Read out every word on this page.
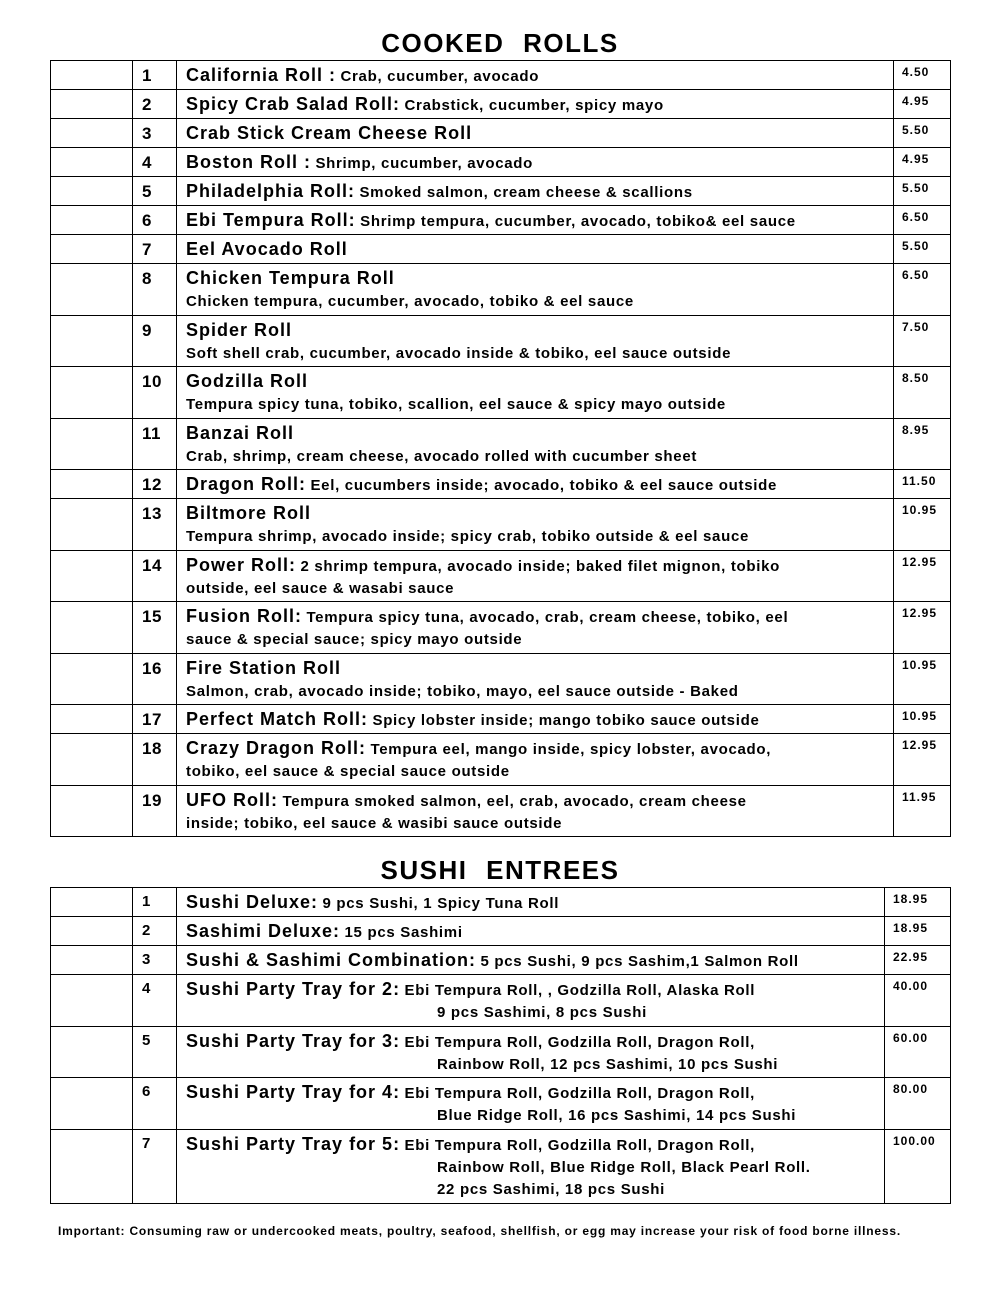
COOKED ROLLS
	1	California Roll : Crab, cucumber, avocado	4.50
	2	Spicy Crab Salad Roll: Crabstick, cucumber, spicy mayo	4.95
	3	Crab Stick Cream Cheese Roll	5.50
	4	Boston Roll : Shrimp, cucumber, avocado	4.95
	5	Philadelphia Roll: Smoked salmon, cream cheese & scallions	5.50
	6	Ebi Tempura Roll: Shrimp tempura, cucumber, avocado, tobiko& eel sauce	6.50
	7	Eel Avocado Roll	5.50
	8	Chicken Tempura Roll
Chicken tempura, cucumber, avocado, tobiko & eel sauce	6.50
	9	Spider Roll
Soft shell crab, cucumber, avocado inside & tobiko, eel sauce outside	7.50
	10	Godzilla Roll
Tempura spicy tuna, tobiko, scallion, eel sauce & spicy mayo outside	8.50
	11	Banzai Roll
Crab, shrimp, cream cheese, avocado rolled with cucumber sheet	8.95
	12	Dragon Roll: Eel, cucumbers inside; avocado, tobiko & eel sauce outside	11.50
	13	Biltmore Roll
Tempura shrimp, avocado inside; spicy crab, tobiko outside & eel sauce	10.95
	14	Power Roll: 2 shrimp tempura, avocado inside; baked filet mignon, tobiko
outside, eel sauce & wasabi sauce	12.95
	15	Fusion Roll: Tempura spicy tuna, avocado, crab, cream cheese, tobiko, eel
sauce & special sauce; spicy mayo outside	12.95
	16	Fire Station Roll
Salmon, crab, avocado inside; tobiko, mayo, eel sauce outside - Baked	10.95
	17	Perfect Match Roll: Spicy lobster inside; mango tobiko sauce outside	10.95
	18	Crazy Dragon Roll: Tempura eel, mango inside, spicy lobster, avocado,
tobiko, eel sauce & special sauce outside	12.95
	19	UFO Roll: Tempura smoked salmon, eel, crab, avocado, cream cheese
inside; tobiko, eel sauce & wasibi sauce outside	11.95
SUSHI ENTREES
	1	Sushi Deluxe: 9 pcs Sushi, 1 Spicy Tuna Roll	18.95
	2	Sashimi Deluxe: 15 pcs Sashimi	18.95
	3	Sushi & Sashimi Combination: 5 pcs Sushi, 9 pcs Sashim,1 Salmon Roll	22.95
	4	Sushi Party Tray for 2: Ebi Tempura Roll, , Godzilla Roll, Alaska Roll
9 pcs Sashimi, 8 pcs Sushi	40.00
	5	Sushi Party Tray for 3: Ebi Tempura Roll, Godzilla Roll, Dragon Roll,
Rainbow Roll, 12 pcs Sashimi, 10 pcs Sushi	60.00
	6	Sushi Party Tray for 4: Ebi Tempura Roll, Godzilla Roll, Dragon Roll,
Blue Ridge Roll, 16 pcs Sashimi, 14 pcs Sushi	80.00
	7	Sushi Party Tray for 5: Ebi Tempura Roll, Godzilla Roll, Dragon Roll,
Rainbow Roll, Blue Ridge Roll, Black Pearl Roll.
22 pcs Sashimi, 18 pcs Sushi	100.00
Important: Consuming raw or undercooked meats, poultry, seafood, shellfish, or egg may increase your risk of food borne illness.
